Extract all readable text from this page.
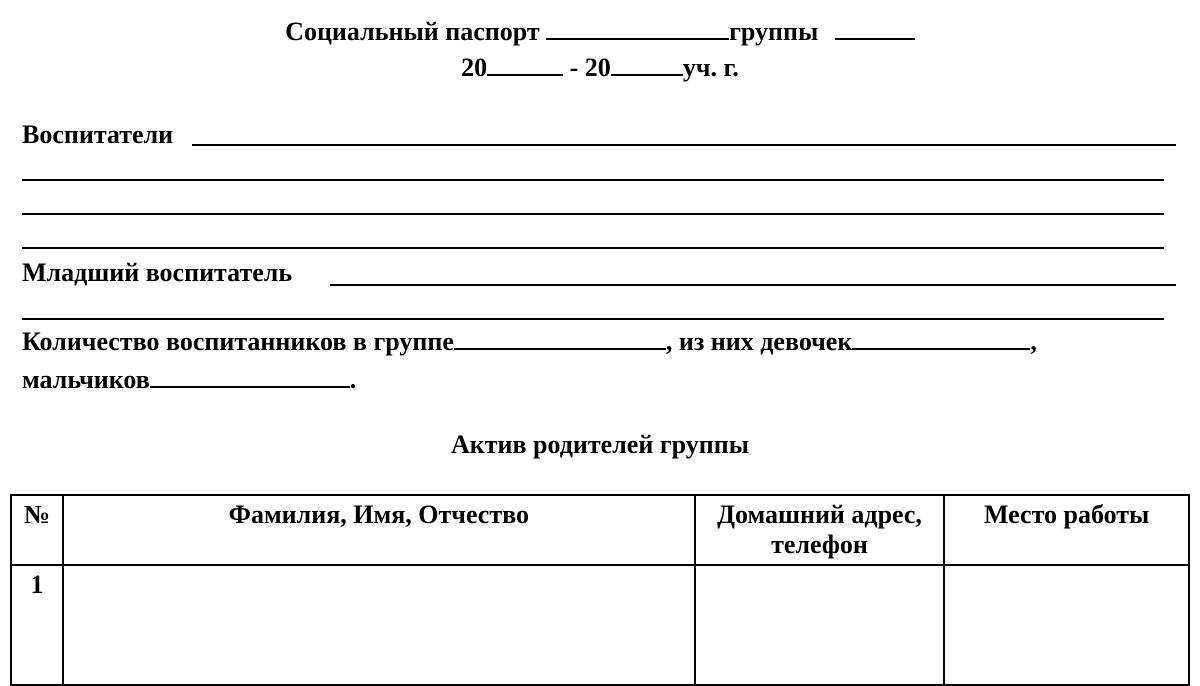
Социальный паспорт	группы
20	- 20	уч. г.
Воспитатели
Младший воспитатель
Количество воспитанников в группе	, из них девочек	,
мальчиков	.
Актив родителей группы
№	Фамилия, Имя, Отчество	Домашний адрес, телефон	Место работы
1			
